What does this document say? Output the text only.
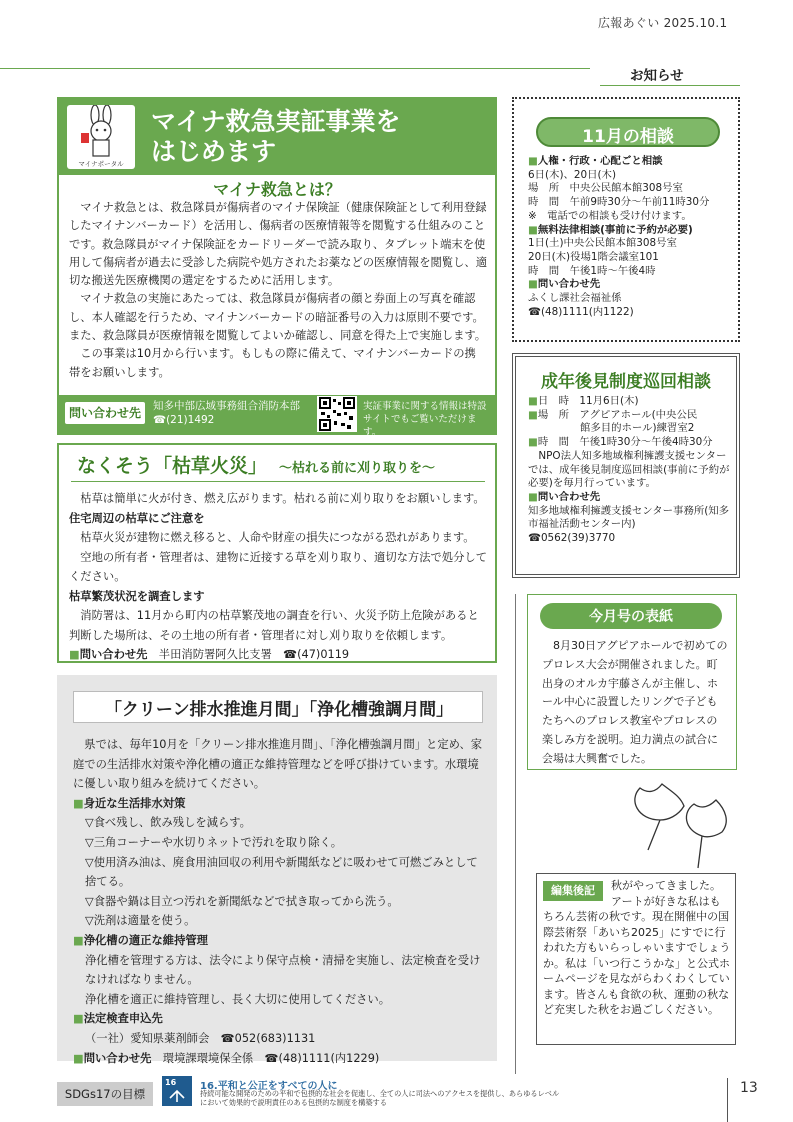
広報あぐい 2025.10.1
お知らせ
マイナポータル
マイナ救急実証事業を
はじめます
マイナ救急とは？

マイナ救急とは、救急隊員が傷病者のマイナ保険証（健康保険証として利用登録したマイナンバーカード）を活用し、傷病者の医療情報等を閲覧する仕組みのことです。救急隊員がマイナ保険証をカードリーダーで読み取り、タブレット端末を使用して傷病者が過去に受診した病院や処方されたお薬などの医療情報を閲覧し、適切な搬送先医療機関の選定をするために活用します。

マイナ救急の実施にあたっては、救急隊員が傷病者の顔と券面上の写真を確認し、本人確認を行うため、マイナンバーカードの暗証番号の入力は原則不要です。また、救急隊員が医療情報を閲覧してよいか確認し、同意を得た上で実施します。

この事業は10月から行います。もしもの際に備えて、マイナンバーカードの携帯をお願いします。

問い合わせ先	知多中部広域事務組合消防本部
☎(21)1492
実証事業に関する情報は特設サイトでもご覧いただけます。
なくそう「枯草火災」 〜枯れる前に刈り取りを〜
枯草は簡単に火が付き、燃え広がります。枯れる前に刈り取りをお願いします。
住宅周辺の枯草にご注意を
枯草火災が建物に燃え移ると、人命や財産の損失につながる恐れがあります。
空地の所有者・管理者は、建物に近接する草を刈り取り、適切な方法で処分してください。
枯草繁茂状況を調査します
消防署は、11月から町内の枯草繁茂地の調査を行い、火災予防上危険があると判断した場所は、その土地の所有者・管理者に対し刈り取りを依頼します。
■問い合わせ先　 半田消防署阿久比支署　☎(47)0119
「クリーン排水推進月間」「浄化槽強調月間」
県では、毎年10月を「クリーン排水推進月間」、「浄化槽強調月間」と定め、家庭での生活排水対策や浄化槽の適正な維持管理などを呼び掛けています。水環境に優しい取り組みを続けてください。
■身近な生活排水対策
▽食べ残し、飲み残しを減らす。
▽三角コーナーや水切りネットで汚れを取り除く。
▽使用済み油は、廃食用油回収の利用や新聞紙などに吸わせて可燃ごみとして捨てる。
▽食器や鍋は目立つ汚れを新聞紙などで拭き取ってから洗う。
▽洗剤は適量を使う。
■浄化槽の適正な維持管理
浄化槽を管理する方は、法令により保守点検・清掃を実施し、法定検査を受けなければなりません。
浄化槽を適正に維持管理し、長く大切に使用してください。
■法定検査申込先
（一社）愛知県薬剤師会　☎052(683)1131
■問い合わせ先　 環境課環境保全係　☎(48)1111(内1229)
11月の相談
■人権・行政・心配ごと相談
6日(木)、20日(木)
場　所　中央公民館本館308号室
時　間　午前9時30分〜午前11時30分
※　電話での相談も受け付けます。
■無料法律相談(事前に予約が必要)
1日(土)中央公民館本館308号室
20日(木)役場1階会議室101
時　間　午後1時〜午後4時
■問い合わせ先
ふくし課社会福祉係
☎(48)1111(内1122)
成年後見制度巡回相談
■日　時　11月6日(木)
■場　所　アグピアホール(中央公民
　　　　　館多目的ホール)練習室2
■時　間　午後1時30分〜午後4時30分
　NPO法人知多地域権利擁護支援センターでは、成年後見制度巡回相談(事前に予約が必要)を毎月行っています。
■問い合わせ先
知多地域権利擁護支援センター事務所(知多市福祉活動センター内)
☎0562(39)3770
今月号の表紙
8月30日アグピアホールで初めてのプロレス大会が開催されました。町出身のオルカ宇藤さんが主催し、ホール中心に設置したリングで子どもたちへのプロレス教室やプロレスの楽しみ方を説明。迫力満点の試合に会場は大興奮でした。
編集後記	秋がやってきました。アートが好きな私はもちろん芸術の秋です。現在開催中の国際芸術祭「あいち2025」にすでに行われた方もいらっしゃいますでしょうか。私は「いつ行こうかな」と公式ホームページを見ながらわくわくしています。皆さんも食欲の秋、運動の秋など充実した秋をお過ごしください。
SDGs17の目標
16 16.平和と公正をすべての人に
持続可能な開発のための平和で包摂的な社会を促進し、全ての人に司法へのアクセスを提供し、あらゆるレベルにおいて効果的で説明責任のある包摂的な制度を構築する
13
